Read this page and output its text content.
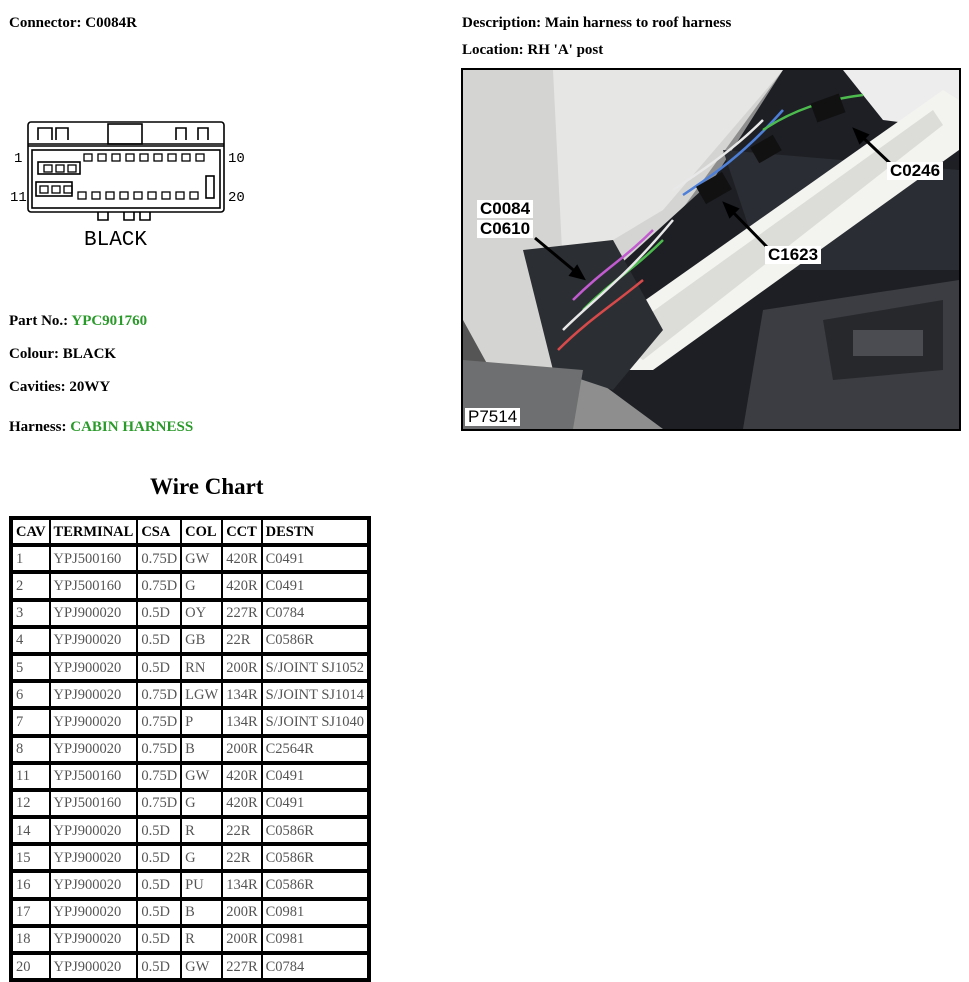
Connector: C0084R	Description: Main harness to roof harness
Location: RH 'A' post
1	10
11	20
BLACK
Part No.: YPC901760
Colour: BLACK
Cavities: 20WY
Harness: CABIN HARNESS
C0084
C0610
C1623
C0246
P7514
Wire Chart
CAV	TERMINAL	CSA	COL	CCT	DESTN
1	YPJ500160	0.75D	GW	420R	C0491
2	YPJ500160	0.75D	G	420R	C0491
3	YPJ900020	0.5D	OY	227R	C0784
4	YPJ900020	0.5D	GB	22R	C0586R
5	YPJ900020	0.5D	RN	200R	S/JOINT SJ1052
6	YPJ900020	0.75D	LGW	134R	S/JOINT SJ1014
7	YPJ900020	0.75D	P	134R	S/JOINT SJ1040
8	YPJ900020	0.75D	B	200R	C2564R
11	YPJ500160	0.75D	GW	420R	C0491
12	YPJ500160	0.75D	G	420R	C0491
14	YPJ900020	0.5D	R	22R	C0586R
15	YPJ900020	0.5D	G	22R	C0586R
16	YPJ900020	0.5D	PU	134R	C0586R
17	YPJ900020	0.5D	B	200R	C0981
18	YPJ900020	0.5D	R	200R	C0981
20	YPJ900020	0.5D	GW	227R	C0784
